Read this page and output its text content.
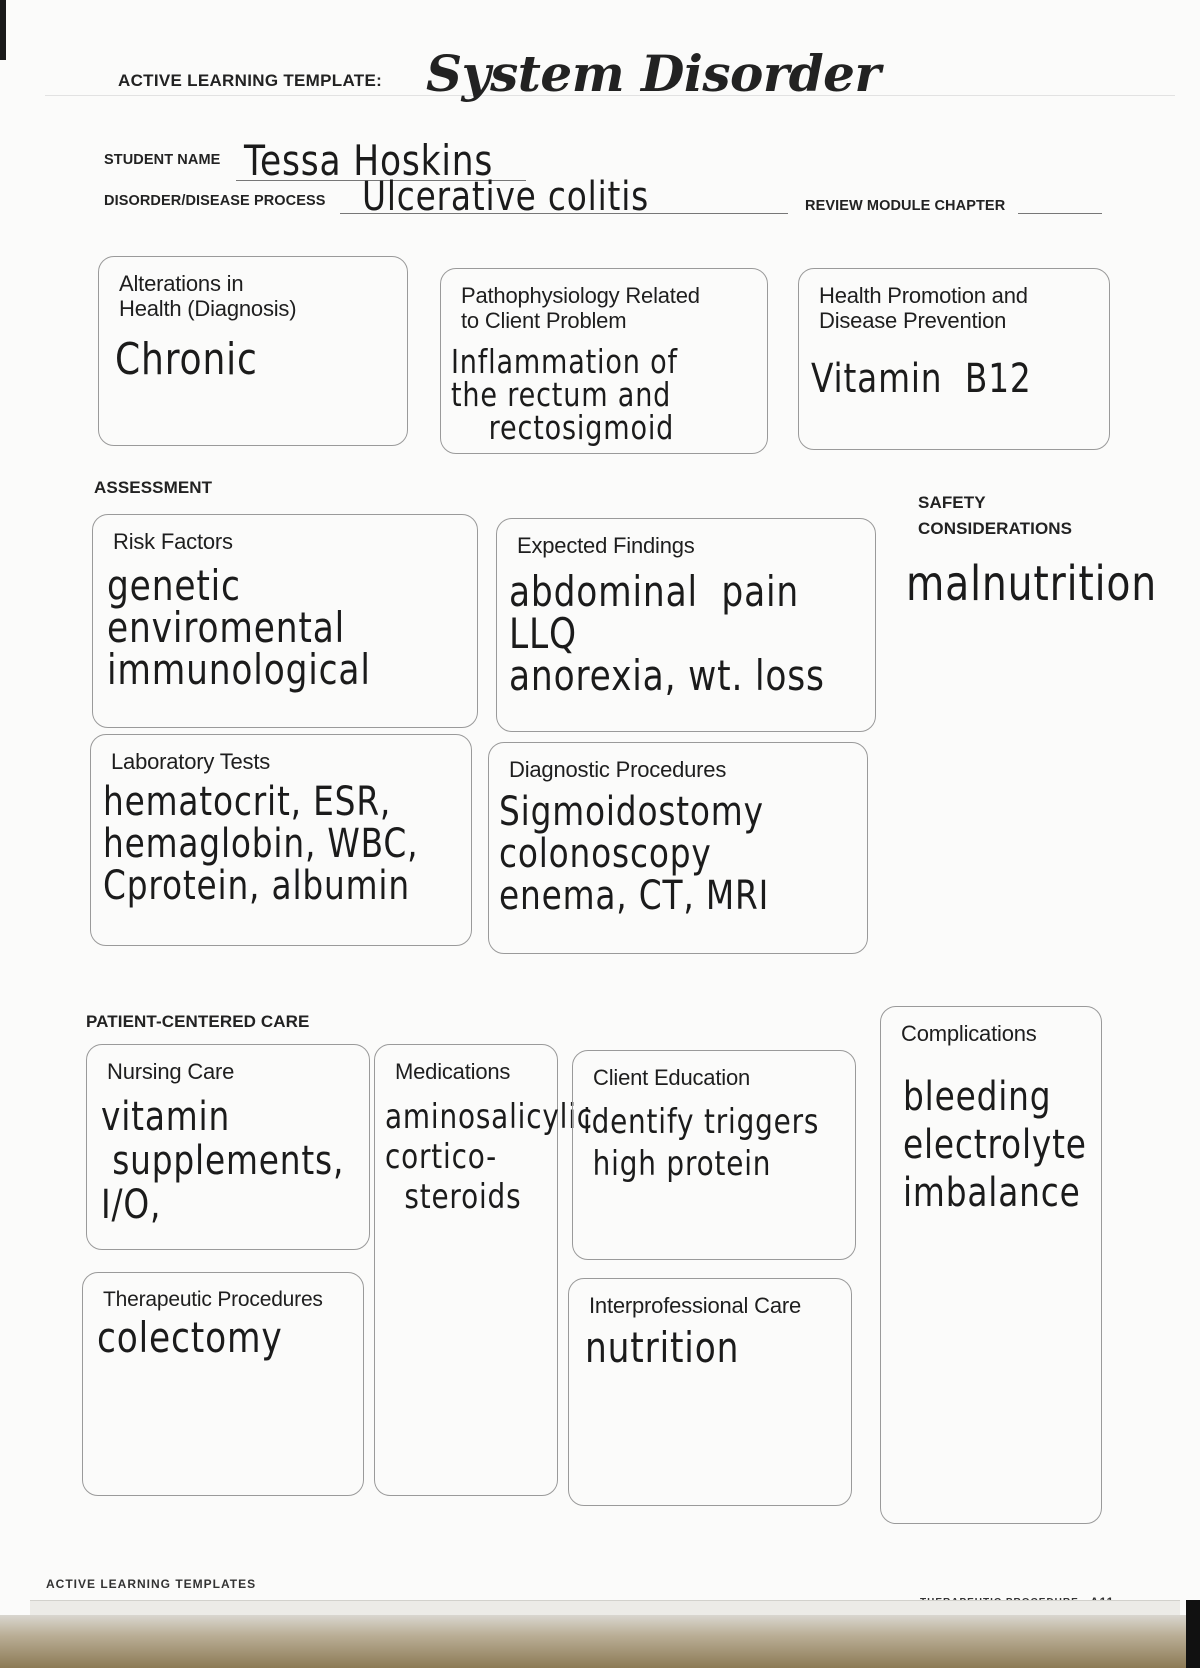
ACTIVE LEARNING TEMPLATE: System Disorder
STUDENT NAME Tessa Hoskins
DISORDER/DISEASE PROCESS Ulcerative colitis	REVIEW MODULE CHAPTER
Alterations in
Health (Diagnosis)
Chronic
Pathophysiology Related
to Client Problem
Inflammation of
the rectum and
rectosigmoid
Health Promotion and
Disease Prevention
Vitamin  B12
ASSESSMENT
Risk Factors
genetic
enviromental
immunological
Expected Findings
abdominal  pain
LLQ
anorexia, wt. loss
SAFETY
CONSIDERATIONS
malnutrition
Laboratory Tests
hematocrit, ESR,
hemaglobin, WBC,
Cprotein, albumin
Diagnostic Procedures
Sigmoidostomy
colonoscopy
enema, CT, MRI
PATIENT-CENTERED CARE
Nursing Care
vitamin
supplements,
I/O,
Medications
aminosalicylic
cortico-
steroids
Client Education
identify triggers
high protein
Complications
bleeding
electrolyte
imbalance
Therapeutic Procedures
colectomy
Interprofessional Care
nutrition
ACTIVE LEARNING TEMPLATES
